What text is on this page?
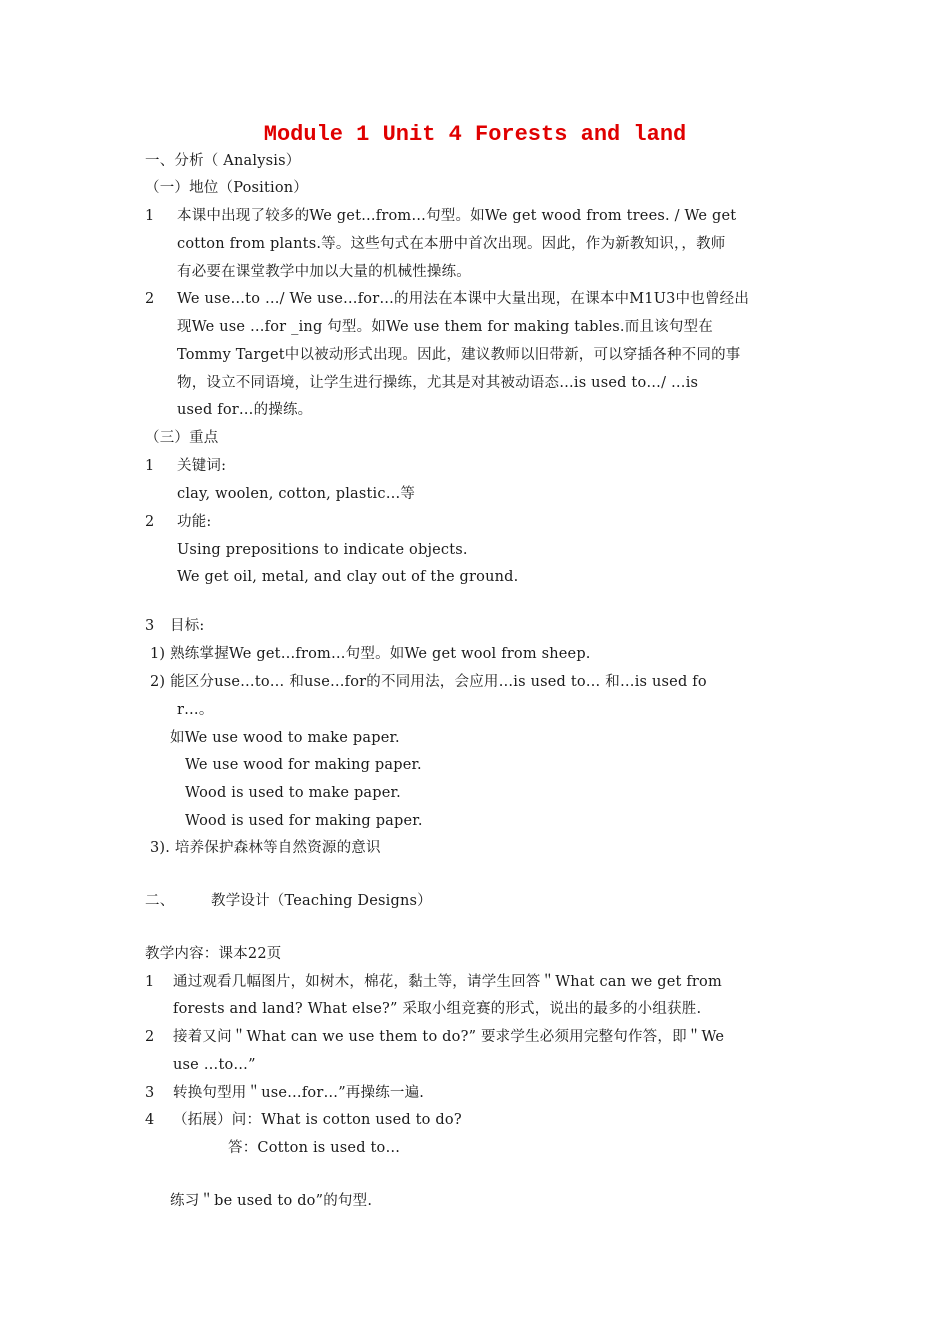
Module 1 Unit 4 Forests and land
一、分析（ Analysis）
（一）地位（Position）
1 本课中出现了较多的We get…from…句型。如We get wood from trees. / We get
cotton from plants.等。这些句式在本册中首次出现。因此，作为新教知识，，教师
有必要在课堂教学中加以大量的机械性操练。
2 We use…to …/ We use…for…的用法在本课中大量出现，在课本中M1U3中也曾经出
现We use …for _ing 句型。如We use them for making tables.而且该句型在
Tommy Target中以被动形式出现。因此，建议教师以旧带新，可以穿插各种不同的事
物，设立不同语境，让学生进行操练，尤其是对其被动语态…is used to…/ …is
used for…的操练。
（三）重点
1 关键词:
clay, woolen, cotton, plastic…等
2 功能:
Using prepositions to indicate objects.
We get oil, metal, and clay out of the ground.
3 目标:
1) 熟练掌握We get…from…句型。如We get wool from sheep.
2) 能区分use…to… 和use…for的不同用法，会应用…is used to… 和…is used fo
r…。
如We use wood to make paper.
We use wood for making paper.
Wood is used to make paper.
Wood is used for making paper.
3). 培养保护森林等自然资源的意识
二、	教学设计（Teaching Designs）
教学内容：课本22页
1 通过观看几幅图片，如树木，棉花，黏土等，请学生回答＂What can we get from
forests and land? What else?” 采取小组竞赛的形式，说出的最多的小组获胜.
2 接着又问＂What can we use them to do?” 要求学生必须用完整句作答，即＂We
use …to…”
3 转换句型用＂use…for…”再操练一遍.
4 （拓展）问：What is cotton used to do?
答：Cotton is used to…
练习＂be used to do”的句型.
